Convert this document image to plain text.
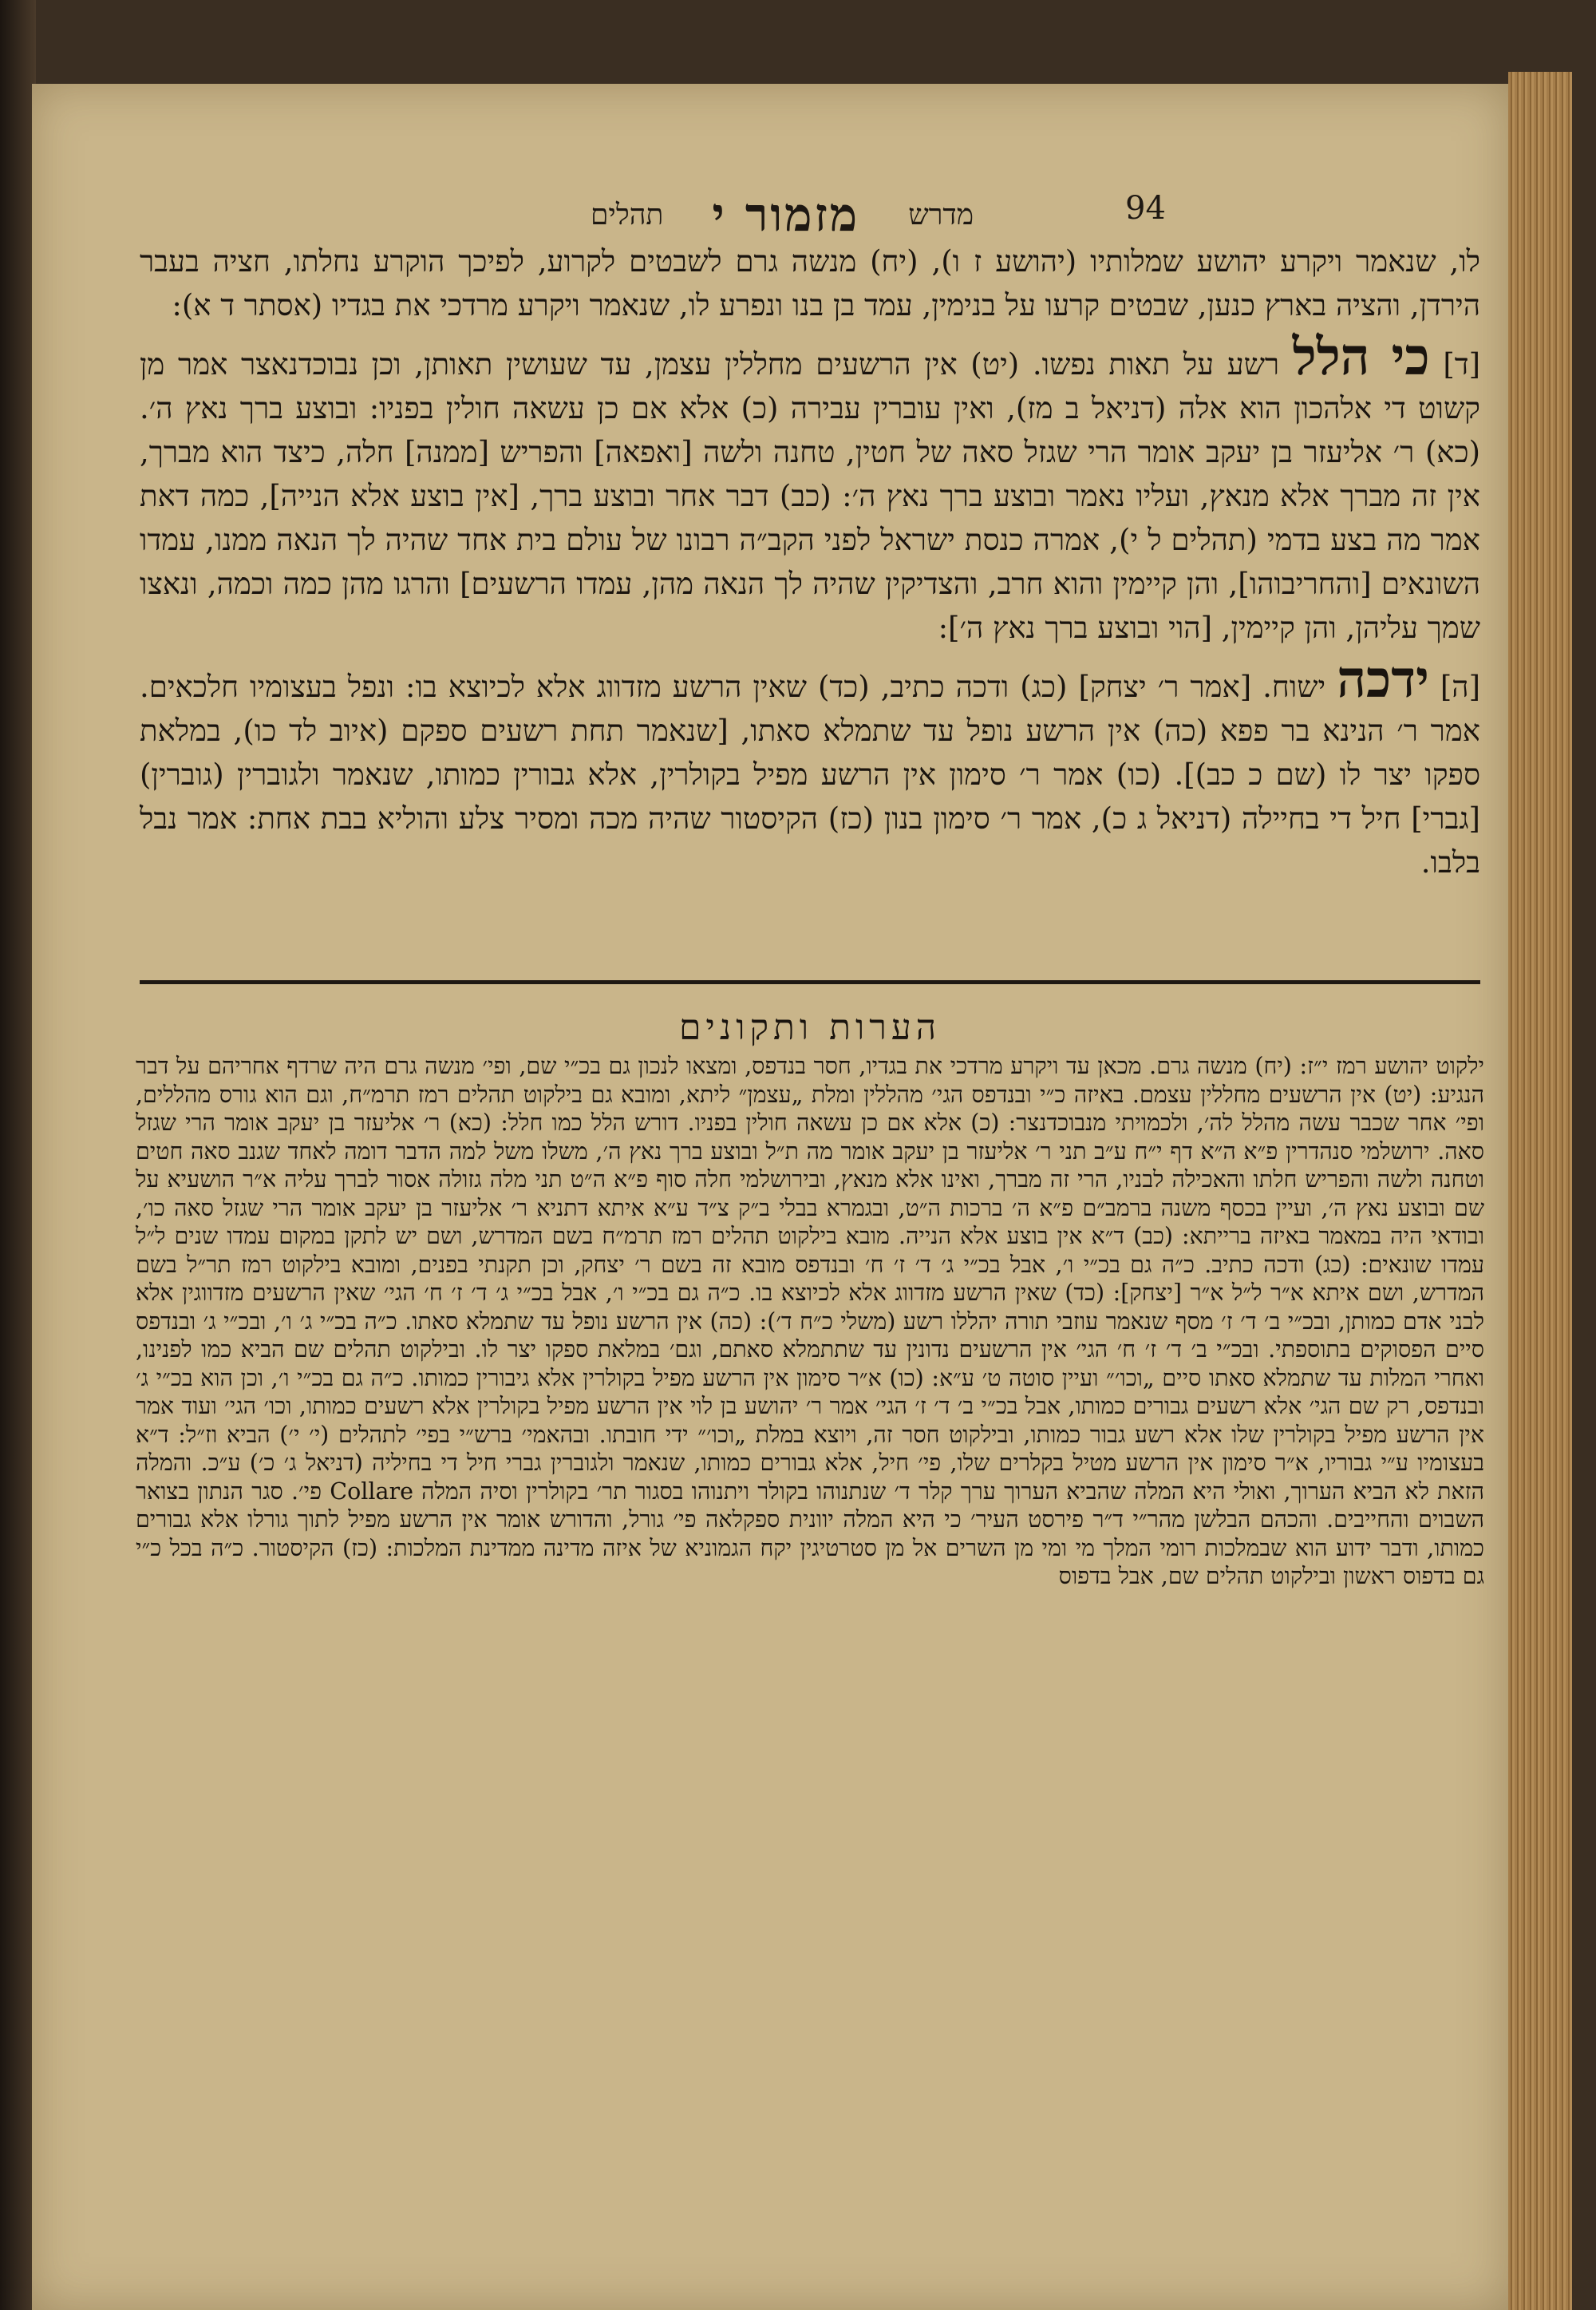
מדרש מזמור י תהלים	94

לו, שנאמר ויקרע יהושע שמלותיו (יהושע ז ו), (יח) מנשה גרם לשבטים לקרוע, לפיכך הוקרע נחלתו, חציה בעבר הירדן, והציה בארץ כנען, שבטים קרעו על בנימין, עמד בן בנו ונפרע לו, שנאמר ויקרע מרדכי את בגדיו (אסתר ד א):

[ד] כי הלל רשע על תאות נפשו. (יט) אין הרשעים מחללין עצמן, עד שעושין תאותן, וכן נבוכדנאצר אמר מן קשוט די אלהכון הוא אלה (דניאל ב מז), ואין עוברין עבירה (כ) אלא אם כן עשאה חולין בפניו: ובוצע ברך נאץ ה׳. (כא) ר׳ אליעזר בן יעקב אומר הרי שגזל סאה של חטין, טחנה ולשה [ואפאה] והפריש [ממנה] חלה, כיצד הוא מברך, אין זה מברך אלא מנאץ, ועליו נאמר ובוצע ברך נאץ ה׳: (כב) דבר אחר ובוצע ברך, [אין בוצע אלא הנייה], כמה דאת אמר מה בצע בדמי (תהלים ל י), אמרה כנסת ישראל לפני הקב״ה רבונו של עולם בית אחד שהיה לך הנאה ממנו, עמדו השונאים [והחריבוהו], והן קיימין והוא חרב, והצדיקין שהיה לך הנאה מהן, עמדו הרשעים] והרגו מהן כמה וכמה, ונאצו שמך עליהן, והן קיימין, [הוי ובוצע ברך נאץ ה׳]:

[ה] ידכה ישוח. [אמר ר׳ יצחק] (כג) ודכה כתיב, (כד) שאין הרשע מזדווג אלא לכיוצא בו: ונפל בעצומיו חלכאים. אמר ר׳ הנינא בר פפא (כה) אין הרשע נופל עד שתמלא סאתו, [שנאמר תחת רשעים ספקם (איוב לד כו), במלאת ספקו יצר לו (שם כ כב)]. (כו) אמר ר׳ סימון אין הרשע מפיל בקולרין, אלא גבורין כמותו, שנאמר ולגוברין (גוברין) [גברי] חיל די בחיילה (דניאל ג כ), אמר ר׳ סימון בנון (כז) הקיסטור שהיה מכה ומסיר צלע והוליא בבת אחת: אמר נבל בלבו.

הערות ותקונים

ילקוט יהושע רמז י״ז: (יח) מנשה גרם. מכאן עד ויקרע מרדכי את בגדיו, חסר בנדפס, ומצאו לנכון גם בכ״י שם, ופי׳ מנשה גרם היה שרדף אחריהם על דבר הנגיע: (יט) אין הרשעים מחללין עצמם. באיזה כ״י ובנדפס הגי׳ מהללין ומלת „עצמן״ ליתא, ומובא גם בילקוט תהלים רמז תרמ״ח, וגם הוא גורס מהללים, ופי׳ אחר שכבר עשה מהלל לה׳, ולכמויתי מנבוכדנצר: (כ) אלא אם כן עשאה חולין בפניו. דורש הלל כמו חלל: (כא) ר׳ אליעזר בן יעקב אומר הרי שגזל סאה. ירושלמי סנהדרין פ״א ה״א דף י״ח ע״ב תני ר׳ אליעזר בן יעקב אומר מה ת״ל ובוצע ברך נאץ ה׳, משלו משל למה הדבר דומה לאחד שגנב סאה חטים וטחנה ולשה והפריש חלתו והאכילה לבניו, הרי זה מברך, ואינו אלא מנאץ, ובירושלמי חלה סוף פ״א ה״ט תני מלה גזולה אסור לברך עליה א״ר הושעיא על שם ובוצע נאץ ה׳, ועיין בכסף משנה ברמב״ם פ״א ה׳ ברכות ה״ט, ובגמרא בבלי ב״ק צ״ד ע״א איתא דתניא ר׳ אליעזר בן יעקב אומר הרי שגזל סאה כו׳, ובודאי היה במאמר באיזה ברייתא: (כב) ד״א אין בוצע אלא הנייה. מובא בילקוט תהלים רמז תרמ״ח בשם המדרש, ושם יש לתקן במקום עמדו שנים ל״ל עמדו שונאים: (כג) ודכה כתיב. כ״ה גם בכ״י ו׳, אבל בכ״י ג׳ ד׳ ז׳ ח׳ ובנדפס מובא זה בשם ר׳ יצחק, וכן תקנתי בפנים, ומובא בילקוט רמז תר״ל בשם המדרש, ושם איתא א״ר ל״ל א״ר [יצחק]: (כד) שאין הרשע מזדווג אלא לכיוצא בו. כ״ה גם בכ״י ו׳, אבל בכ״י ג׳ ד׳ ז׳ ח׳ הגי׳ שאין הרשעים מזדווגין אלא לבני אדם כמותן, ובכ״י ב׳ ד׳ ז׳ מסף שנאמר עוזבי תורה יהללו רשע (משלי כ״ח ד׳): (כה) אין הרשע נופל עד שתמלא סאתו. כ״ה בכ״י ג׳ ו׳, ובכ״י ג׳ ובנדפס סיים הפסוקים בתוספתי. ובכ״י ב׳ ד׳ ז׳ ח׳ הגי׳ אין הרשעים נדונין עד שתתמלא סאתם, וגם׳ במלאת ספקו יצר לו. ובילקוט תהלים שם הביא כמו לפנינו, ואחרי המלות עד שתמלא סאתו סיים „וכו׳״ ועיין סוטה ט׳ ע״א: (כו) א״ר סימון אין הרשע מפיל בקולרין אלא גיבורין כמותו. כ״ה גם בכ״י ו׳, וכן הוא בכ״י ג׳ ובנדפס, רק שם הגי׳ אלא רשעים גבורים כמותו, אבל בכ״י ב׳ ד׳ ז׳ הגי׳ אמר ר׳ יהושע בן לוי אין הרשע מפיל בקולרין אלא רשעים כמותו, וכו׳ הגי׳ ועוד אמר אין הרשע מפיל בקולרין שלו אלא רשע גבור כמותו, ובילקוט חסר זה, ויוצא במלת „וכו׳״ ידי חובתו. ובהאמי׳ ברש״י בפי׳ לתהלים (י׳ י׳) הביא וז״ל: ד״א בעצומיו ע״י גבוריו, א״ר סימון אין הרשע מטיל בקלרים שלו, פי׳ חיל, אלא גבורים כמותו, שנאמר ולגוברין גברי חיל די בחיליה (דניאל ג׳ כ׳) ע״כ. והמלה הזאת לא הביא הערוך, ואולי היא המלה שהביא הערוך ערך קלר ד׳ שנתנוהו בקולר ויתנוהו בסגור תר׳ בקולרין וסיה המלה Collare פי׳. סגר הנתון בצואר השבוים והחייבים. והכהם הבלשן מהר״י ד״ר פירסט העיר׳ כי היא המלה יוונית ספקלאה פי׳ גורל, והדורש אומר אין הרשע מפיל לתוך גורלו אלא גבורים כמותו, ודבר ידוע הוא שבמלכות רומי המלך מי ומי מן השרים אל מן סטרטיגין יקח הגמוניא של איזה מדינה ממדינת המלכות: (כז) הקיסטור. כ״ה בכל כ״י גם בדפוס ראשון ובילקוט תהלים שם, אבל בדפוס
